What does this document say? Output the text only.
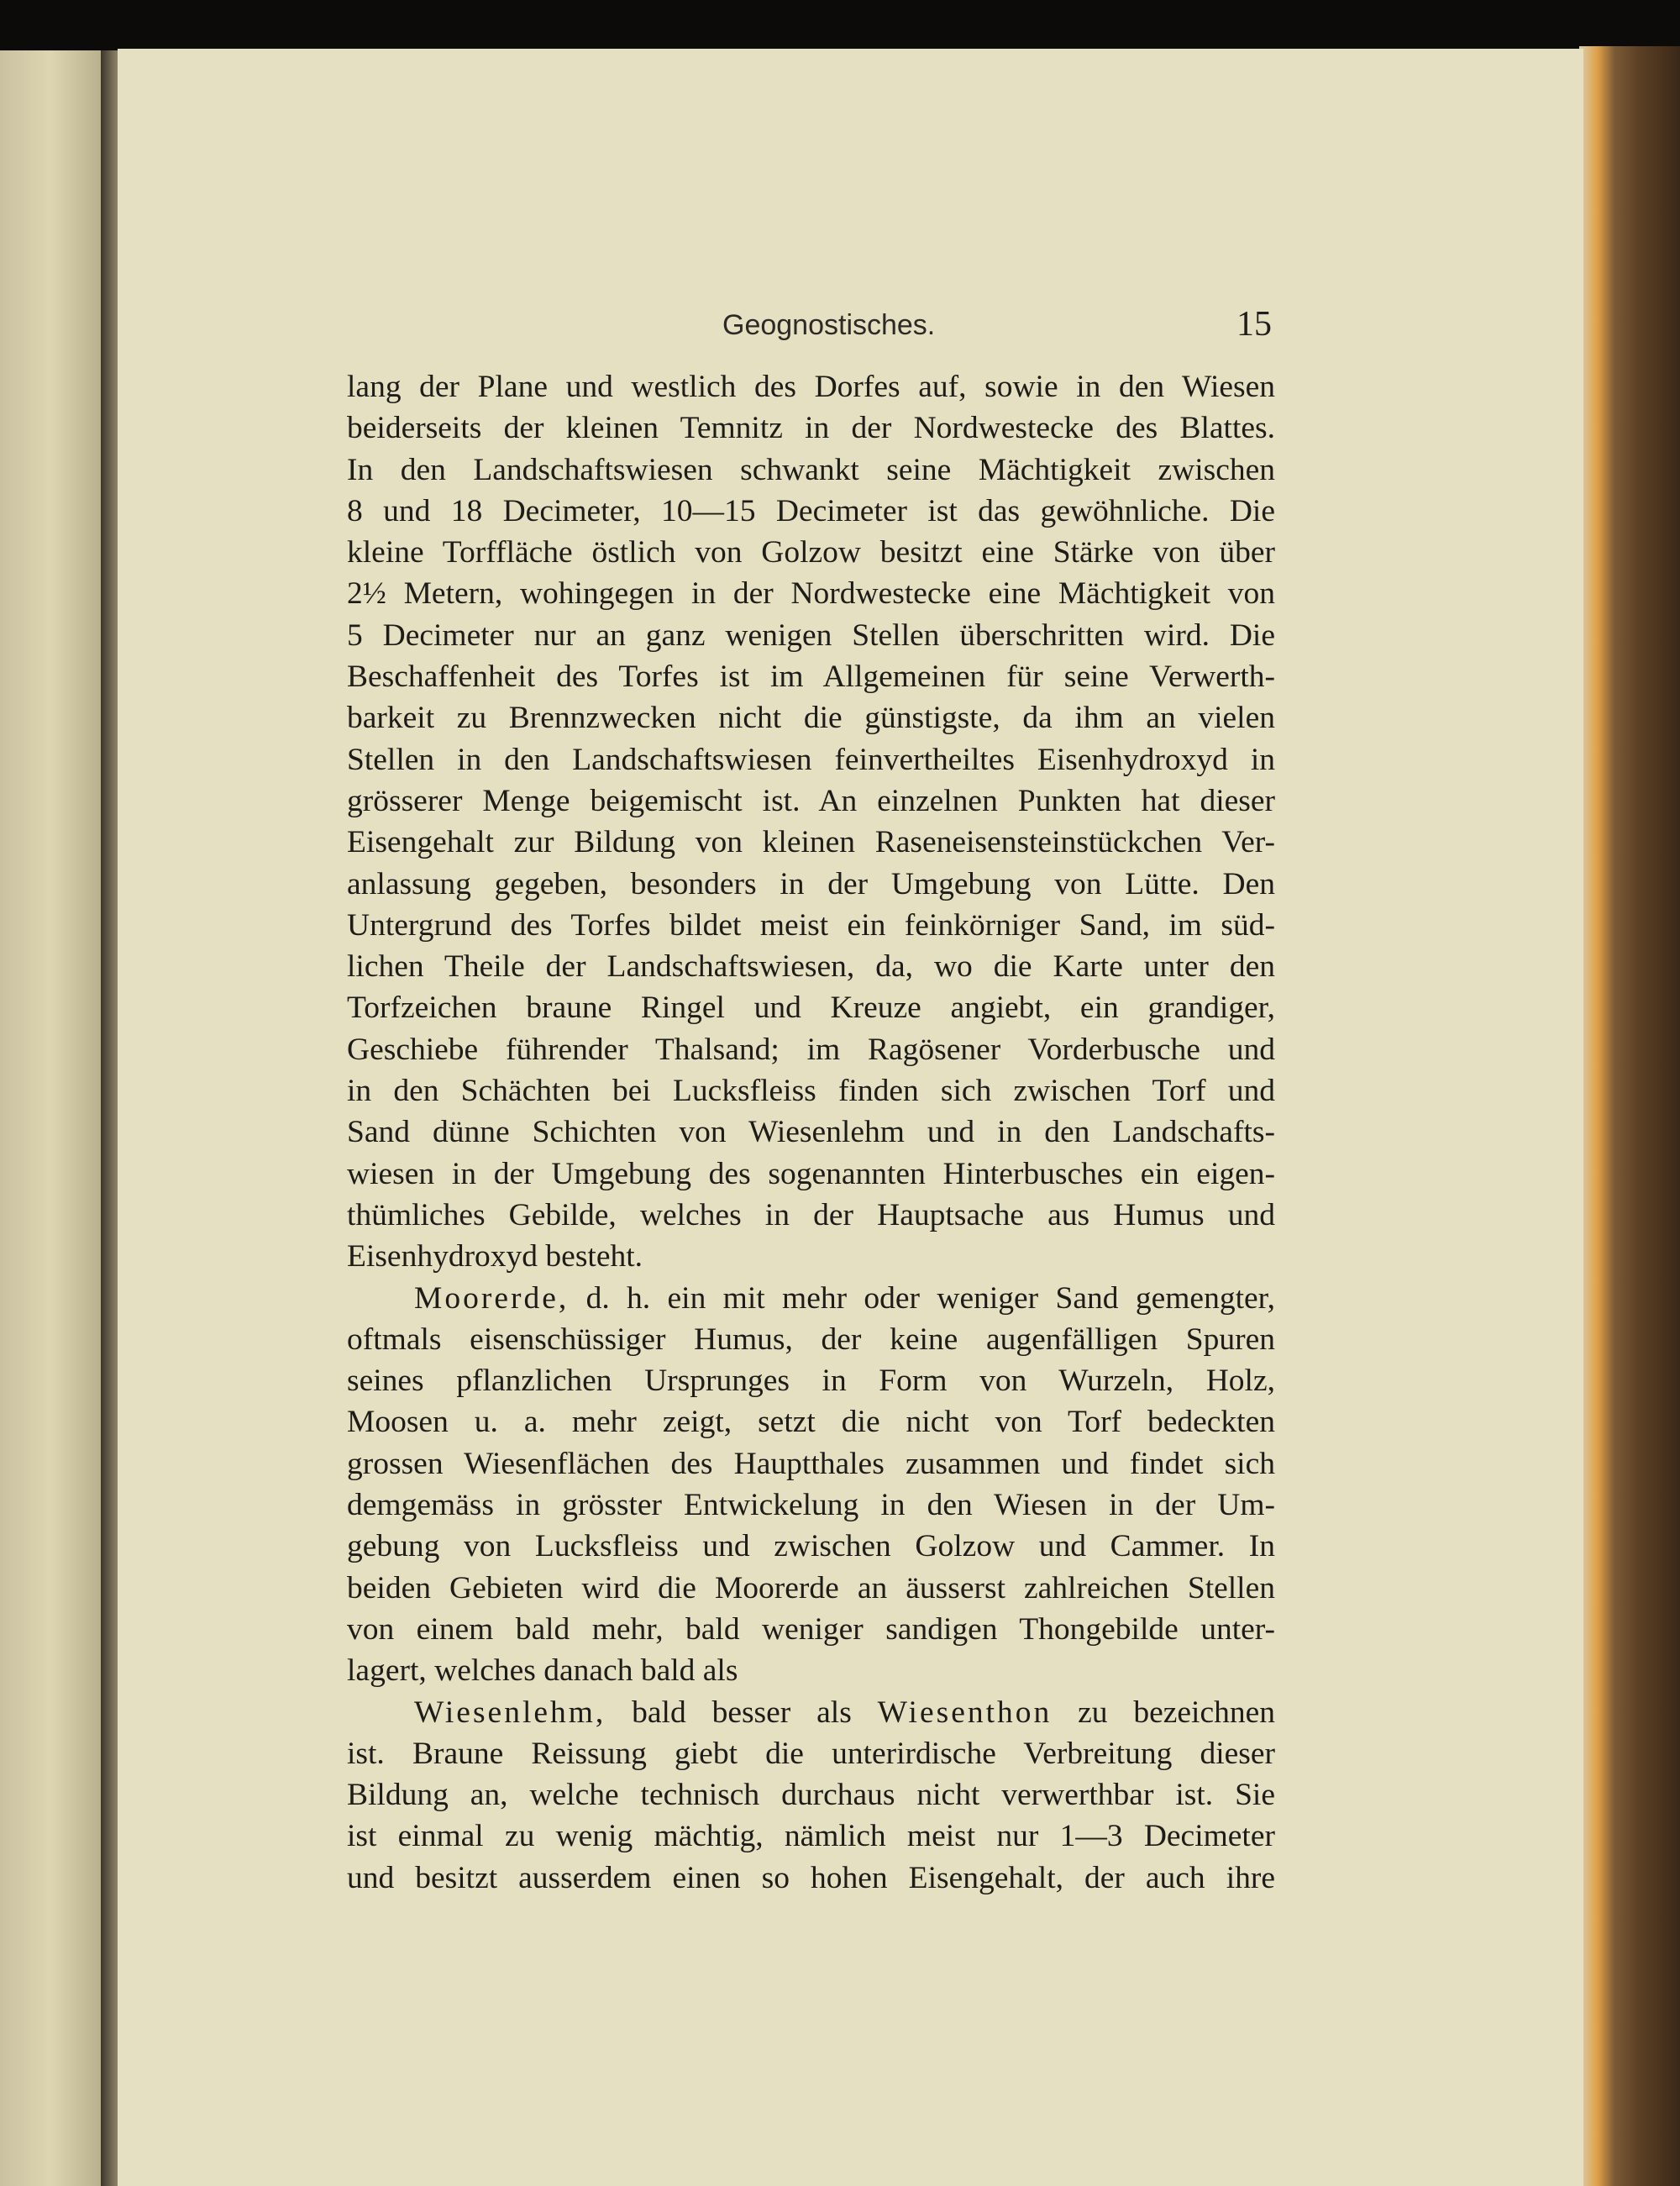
Geognostisches.	15
lang der Plane und westlich des Dorfes auf, sowie in den Wiesen
beiderseits der kleinen Temnitz in der Nordwestecke des Blattes.
In den Landschaftswiesen schwankt seine Mächtigkeit zwischen
8 und 18 Decimeter, 10—15 Decimeter ist das gewöhnliche. Die
kleine Torffläche östlich von Golzow besitzt eine Stärke von über
2½ Metern, wohingegen in der Nordwestecke eine Mächtigkeit von
5 Decimeter nur an ganz wenigen Stellen überschritten wird. Die
Beschaffenheit des Torfes ist im Allgemeinen für seine Verwerth-
barkeit zu Brennzwecken nicht die günstigste, da ihm an vielen
Stellen in den Landschaftswiesen feinvertheiltes Eisenhydroxyd in
grösserer Menge beigemischt ist. An einzelnen Punkten hat dieser
Eisengehalt zur Bildung von kleinen Raseneisensteinstückchen Ver-
anlassung gegeben, besonders in der Umgebung von Lütte. Den
Untergrund des Torfes bildet meist ein feinkörniger Sand, im süd-
lichen Theile der Landschaftswiesen, da, wo die Karte unter den
Torfzeichen braune Ringel und Kreuze angiebt, ein grandiger,
Geschiebe führender Thalsand; im Ragösener Vorderbusche und
in den Schächten bei Lucksfleiss finden sich zwischen Torf und
Sand dünne Schichten von Wiesenlehm und in den Landschafts-
wiesen in der Umgebung des sogenannten Hinterbusches ein eigen-
thümliches Gebilde, welches in der Hauptsache aus Humus und
Eisenhydroxyd besteht.
Moorerde, d. h. ein mit mehr oder weniger Sand gemengter,
oftmals eisenschüssiger Humus, der keine augenfälligen Spuren
seines pflanzlichen Ursprunges in Form von Wurzeln, Holz,
Moosen u. a. mehr zeigt, setzt die nicht von Torf bedeckten
grossen Wiesenflächen des Hauptthales zusammen und findet sich
demgemäss in grösster Entwickelung in den Wiesen in der Um-
gebung von Lucksfleiss und zwischen Golzow und Cammer. In
beiden Gebieten wird die Moorerde an äusserst zahlreichen Stellen
von einem bald mehr, bald weniger sandigen Thongebilde unter-
lagert, welches danach bald als
Wiesenlehm, bald besser als Wiesenthon zu bezeichnen
ist. Braune Reissung giebt die unterirdische Verbreitung dieser
Bildung an, welche technisch durchaus nicht verwerthbar ist. Sie
ist einmal zu wenig mächtig, nämlich meist nur 1—3 Decimeter
und besitzt ausserdem einen so hohen Eisengehalt, der auch ihre
